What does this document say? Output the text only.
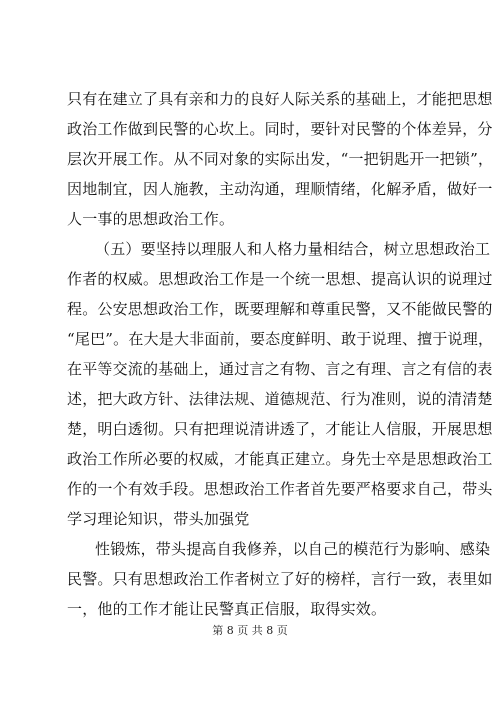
只有在建立了具有亲和力的良好人际关系的基础上，才能把思想
政治工作做到民警的心坎上。同时，要针对民警的个体差异，分
层次开展工作。从不同对象的实际出发，“一把钥匙开一把锁”，
因地制宜，因人施教，主动沟通，理顺情绪，化解矛盾，做好一
人一事的思想政治工作。
（五）要坚持以理服人和人格力量相结合，树立思想政治工
作者的权威。思想政治工作是一个统一思想、提高认识的说理过
程。公安思想政治工作，既要理解和尊重民警，又不能做民警的
“尾巴”。在大是大非面前，要态度鲜明、敢于说理、擅于说理，
在平等交流的基础上，通过言之有物、言之有理、言之有信的表
述，把大政方针、法律法规、道德规范、行为准则，说的清清楚
楚，明白透彻。只有把理说清讲透了，才能让人信服，开展思想
政治工作所必要的权威，才能真正建立。身先士卒是思想政治工
作的一个有效手段。思想政治工作者首先要严格要求自己，带头
学习理论知识，带头加强党
性锻炼，带头提高自我修养，以自己的模范行为影响、感染
民警。只有思想政治工作者树立了好的榜样，言行一致，表里如
一，他的工作才能让民警真正信服，取得实效。
第 8 页 共 8 页
